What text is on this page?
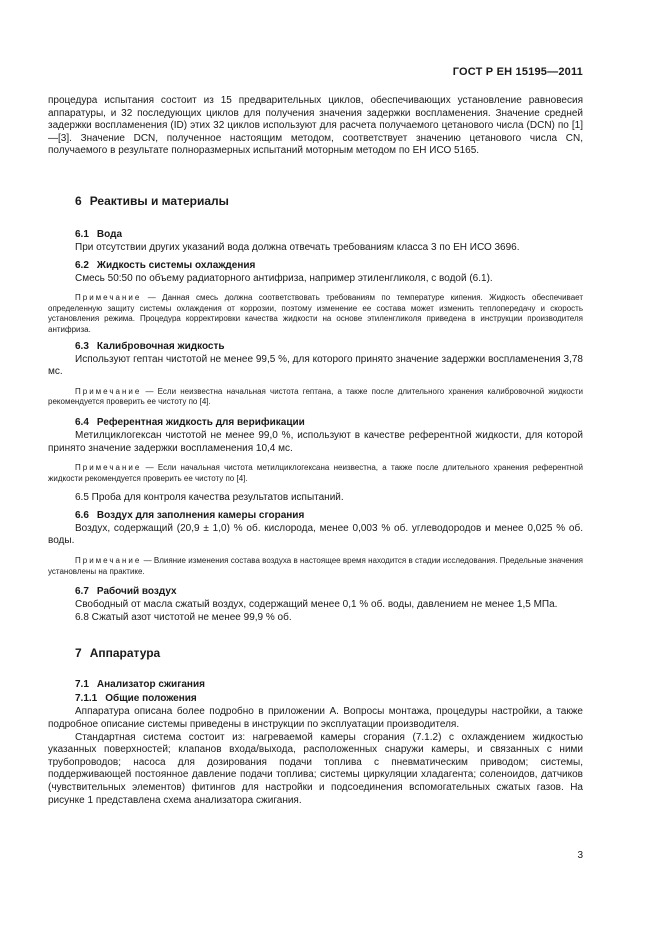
ГОСТ Р ЕН 15195—2011

процедура испытания состоит из 15 предварительных циклов, обеспечивающих установление равновесия аппаратуры, и 32 последующих циклов для получения значения задержки воспламенения. Значение средней задержки воспламенения (ID) этих 32 циклов используют для расчета получаемого цетанового числа (DCN) по [1]—[3]. Значение DCN, полученное настоящим методом, соответствует значению цетанового числа CN, получаемого в результате полноразмерных испытаний моторным методом по ЕН ИСО 5165.

6 Реактивы и материалы
6.1 Вода

При отсутствии других указаний вода должна отвечать требованиям класса 3 по ЕН ИСО 3696.

6.2 Жидкость системы охлаждения

Смесь 50:50 по объему радиаторного антифриза, например этиленгликоля, с водой (6.1).

Примечание — Данная смесь должна соответствовать требованиям по температуре кипения. Жидкость обеспечивает определенную защиту системы охлаждения от коррозии, поэтому изменение ее состава может изменить теплопередачу и скорость установления режима. Процедура корректировки качества жидкости на основе этиленгликоля приведена в инструкции производителя антифриза.

6.3 Калибровочная жидкость

Используют гептан чистотой не менее 99,5 %, для которого принято значение задержки воспламенения 3,78 мс.

Примечание — Если неизвестна начальная чистота гептана, а также после длительного хранения калибровочной жидкости рекомендуется проверить ее чистоту по [4].

6.4 Референтная жидкость для верификации

Метилциклогексан чистотой не менее 99,0 %, используют в качестве референтной жидкости, для которой принято значение задержки воспламенения 10,4 мс.

Примечание — Если начальная чистота метилциклогексана неизвестна, а также после длительного хранения референтной жидкости рекомендуется проверить ее чистоту по [4].

6.5 Проба для контроля качества результатов испытаний.

6.6 Воздух для заполнения камеры сгорания

Воздух, содержащий (20,9 ± 1,0) % об. кислорода, менее 0,003 % об. углеводородов и менее 0,025 % об. воды.

Примечание — Влияние изменения состава воздуха в настоящее время находится в стадии исследования. Предельные значения установлены на практике.

6.7 Рабочий воздух

Свободный от масла сжатый воздух, содержащий менее 0,1 % об. воды, давлением не менее 1,5 МПа.

6.8 Сжатый азот чистотой не менее 99,9 % об.

7 Аппаратура
7.1 Анализатор сжигания
7.1.1 Общие положения

Аппаратура описана более подробно в приложении А. Вопросы монтажа, процедуры настройки, а также подробное описание системы приведены в инструкции по эксплуатации производителя.

Стандартная система состоит из: нагреваемой камеры сгорания (7.1.2) с охлаждением жидкостью указанных поверхностей; клапанов входа/выхода, расположенных снаружи камеры, и связанных с ними трубопроводов; насоса для дозирования подачи топлива с пневматическим приводом; системы, поддерживающей постоянное давление подачи топлива; системы циркуляции хладагента; соленоидов, датчиков (чувствительных элементов) фитингов для настройки и подсоединения вспомогательных сжатых газов. На рисунке 1 представлена схема анализатора сжигания.

3
